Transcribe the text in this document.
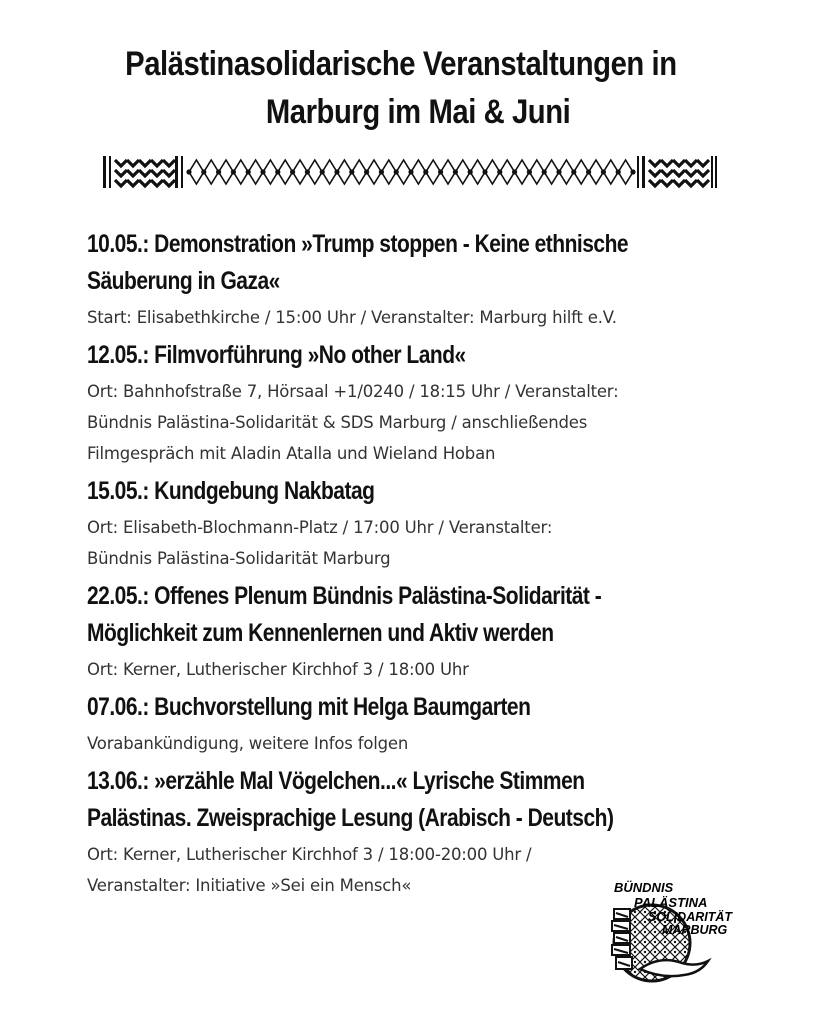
Palästinasolidarische Veranstaltungen in
Marburg im Mai & Juni
10.05.: Demonstration »Trump stoppen - Keine ethnische
Säuberung in Gaza«
Start: Elisabethkirche / 15:00 Uhr / Veranstalter: Marburg hilft e.V.
12.05.: Filmvorführung »No other Land«
Ort: Bahnhofstraße 7, Hörsaal +1/0240 / 18:15 Uhr / Veranstalter:
Bündnis Palästina-Solidarität & SDS Marburg / anschließendes
Filmgespräch mit Aladin Atalla und Wieland Hoban
15.05.: Kundgebung Nakbatag
Ort: Elisabeth-Blochmann-Platz / 17:00 Uhr / Veranstalter:
Bündnis Palästina-Solidarität Marburg
22.05.: Offenes Plenum Bündnis Palästina-Solidarität -
Möglichkeit zum Kennenlernen und Aktiv werden
Ort: Kerner, Lutherischer Kirchhof 3 / 18:00 Uhr
07.06.: Buchvorstellung mit Helga Baumgarten
Vorabankündigung, weitere Infos folgen
13.06.: »erzähle Mal Vögelchen...« Lyrische Stimmen
Palästinas. Zweisprachige Lesung (Arabisch - Deutsch)
Ort: Kerner, Lutherischer Kirchhof 3 / 18:00-20:00 Uhr /
Veranstalter: Initiative »Sei ein Mensch«	BÜNDNIS
PALÄSTINA
SOLIDARITÄT
MARBURG
